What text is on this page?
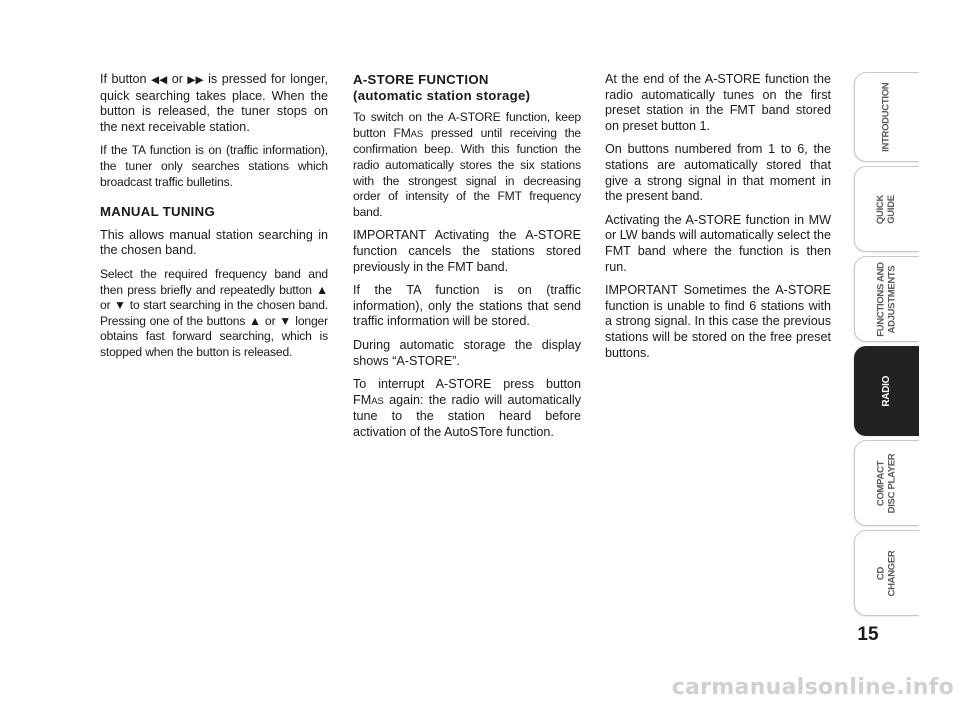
If button ◀◀ or ▶▶ is pressed for longer, quick searching takes place. When the button is released, the tuner stops on the next receivable station.

If the TA function is on (traffic information), the tuner only searches stations which broadcast traffic bulletins.

MANUAL TUNING

This allows manual station searching in the chosen band.

Select the required frequency band and then press briefly and repeatedly button ▲ or ▼ to start searching in the chosen band. Pressing one of the buttons ▲ or ▼ longer obtains fast forward searching, which is stopped when the button is released.

A-STORE FUNCTION
(automatic station storage)

To switch on the A-STORE function, keep button FMAS pressed until receiving the confirmation beep. With this function the radio automatically stores the six stations with the strongest signal in decreasing order of intensity of the FMT frequency band.

IMPORTANT Activating the A-STORE function cancels the stations stored previously in the FMT band.

If the TA function is on (traffic information), only the stations that send traffic information will be stored.

During automatic storage the display shows “A-STORE”.

To interrupt A-STORE press button FMAS again: the radio will automatically tune to the station heard before activation of the AutoSTore function.

At the end of the A-STORE function the radio automatically tunes on the first preset station in the FMT band stored on preset button 1.

On buttons numbered from 1 to 6, the stations are automatically stored that give a strong signal in that moment in the present band.

Activating the A-STORE function in MW or LW bands will automatically select the FMT band where the function is then run.

IMPORTANT Sometimes the A-STORE function is unable to find 6 stations with a strong signal. In this case the previous stations will be stored on the free preset buttons.

INTRODUCTION
QUICK
GUIDE
FUNCTIONS AND
ADJUSTMENTS
RADIO
COMPACT
DISC PLAYER
CD
CHANGER
15
carmanualsonline.info
